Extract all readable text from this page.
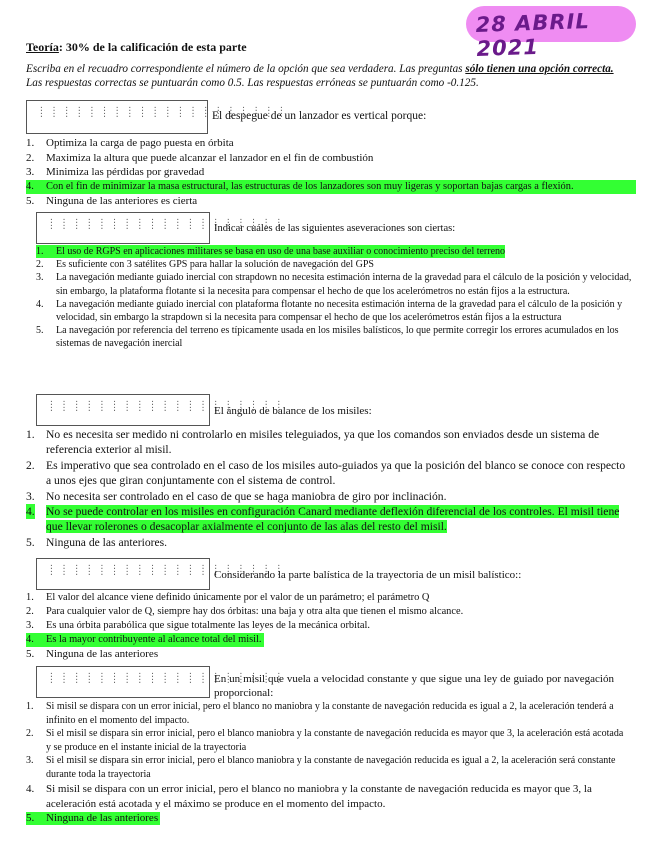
28 ABRIL 2021
Teoría: 30% de la calificación de esta parte
Escriba en el recuadro correspondiente el número de la opción que sea verdadera. Las preguntas sólo tienen una opción correcta. Las respuestas correctas se puntuarán como 0.5. Las respuestas erróneas se puntuarán como -0.125.
: : : : : : : : : : : : : : : : : : : :
: : : : : : : : : : : : : : : : : : : :
El despegue de un lanzador es vertical porque:
1. Optimiza la carga de pago puesta en órbita
2. Maximiza la altura que puede alcanzar el lanzador en el fin de combustión
3. Minimiza las pérdidas por gravedad
4. Con el fin de minimizar la masa estructural, las estructuras de los lanzadores son muy ligeras y soportan bajas cargas a flexión.
5. Ninguna de las anteriores es cierta
: : : : : : : : : : : : : : : : : : :
: : : : : : : : : : : : : : : : : : :
Indicar cuáles de las siguientes aseveraciones son ciertas:
1. El uso de RGPS en aplicaciones militares se basa en uso de una base auxiliar o conocimiento preciso del terreno
2. Es suficiente con 3 satélites GPS para hallar la solución de navegación del GPS
3. La navegación mediante guiado inercial con strapdown no necesita estimación interna de la gravedad para el cálculo de la posición y velocidad, sin embargo, la plataforma flotante si la necesita para compensar el hecho de que los acelerómetros no están fijos a la estructura.
4. La navegación mediante guiado inercial con plataforma flotante no necesita estimación interna de la gravedad para el cálculo de la posición y velocidad, sin embargo la strapdown si la necesita para compensar el hecho de que los acelerómetros están fijos a la estructura
5. La navegación por referencia del terreno es típicamente usada en los misiles balísticos, lo que permite corregir los errores acumulados en los sistemas de navegación inercial
: : : : : : : : : : : : : : : : : : :
: : : : : : : : : : : : : : : : : : :
El ángulo de balance de los misiles:
1. No es necesita ser medido ni controlarlo en misiles teleguiados, ya que los comandos son enviados desde un sistema de referencia exterior al misil.
2. Es imperativo que sea controlado en el caso de los misiles auto-guiados ya que la posición del blanco se conoce con respecto a unos ejes que giran conjuntamente con el sistema de control.
3. No necesita ser controlado en el caso de que se haga maniobra de giro por inclinación.
4. No se puede controlar en los misiles en configuración Canard mediante deflexión diferencial de los controles. El misil tiene que llevar rolerones o desacoplar axialmente el conjunto de las alas del resto del misil.
5. Ninguna de las anteriores.
: : : : : : : : : : : : : : : : : : :
: : : : : : : : : : : : : : : : : : :
Considerando la parte balística de la trayectoria de un misil balístico::
1. El valor del alcance viene definido únicamente por el valor de un parámetro; el parámetro Q
2. Para cualquier valor de Q, siempre hay dos órbitas: una baja y otra alta que tienen el mismo alcance.
3. Es una órbita parabólica que sigue totalmente las leyes de la mecánica orbital.
4. Es la mayor contribuyente al alcance total del misil.
5. Ninguna de las anteriores
: : : : : : : : : : : : : : : : : : :
: : : : : : : : : : : : : : : : : : :
En un misil que vuela a velocidad constante y que sigue una ley de guiado por navegación proporcional:
1. Si misil se dispara con un error inicial, pero el blanco no maniobra y la constante de navegación reducida es igual a 2, la aceleración tenderá a infinito en el momento del impacto.
2. Si el misil se dispara sin error inicial, pero el blanco maniobra y la constante de navegación reducida es mayor que 3, la aceleración está acotada y se produce en el instante inicial de la trayectoria
3. Si el misil se dispara sin error inicial, pero el blanco maniobra y la constante de navegación reducida es igual a 2, la aceleración será constante durante toda la trayectoria
4. Si misil se dispara con un error inicial, pero el blanco no maniobra y la constante de navegación reducida es mayor que 3, la aceleración está acotada y el máximo se produce en el momento del impacto.
5. Ninguna de las anteriores
